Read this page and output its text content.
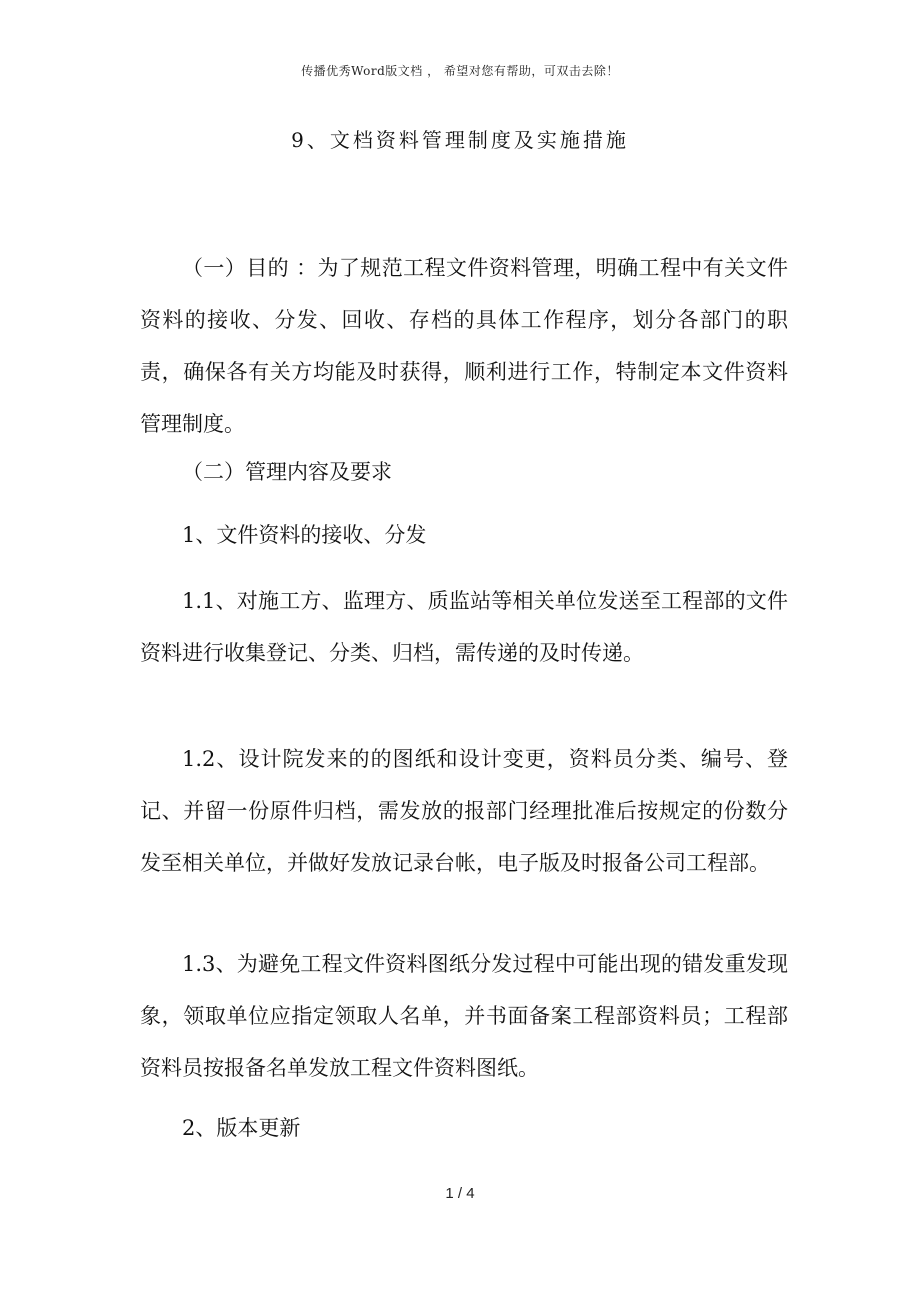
传播优秀Word版文档 ， 希望对您有帮助，可双击去除！
9、文档资料管理制度及实施措施

（一）目的 ：为了规范工程文件资料管理，明确工程中有关文件资料的接收、分发、回收、存档的具体工作程序，划分各部门的职责，确保各有关方均能及时获得，顺利进行工作，特制定本文件资料管理制度。

（二）管理内容及要求

1、文件资料的接收、分发

1.1、对施工方、监理方、质监站等相关单位发送至工程部的文件资料进行收集登记、分类、归档，需传递的及时传递。

1.2、设计院发来的的图纸和设计变更，资料员分类、编号、登记、并留一份原件归档，需发放的报部门经理批准后按规定的份数分发至相关单位，并做好发放记录台帐，电子版及时报备公司工程部。

1.3、为避免工程文件资料图纸分发过程中可能出现的错发重发现象，领取单位应指定领取人名单，并书面备案工程部资料员；工程部资料员按报备名单发放工程文件资料图纸。

2、版本更新

1 / 4
